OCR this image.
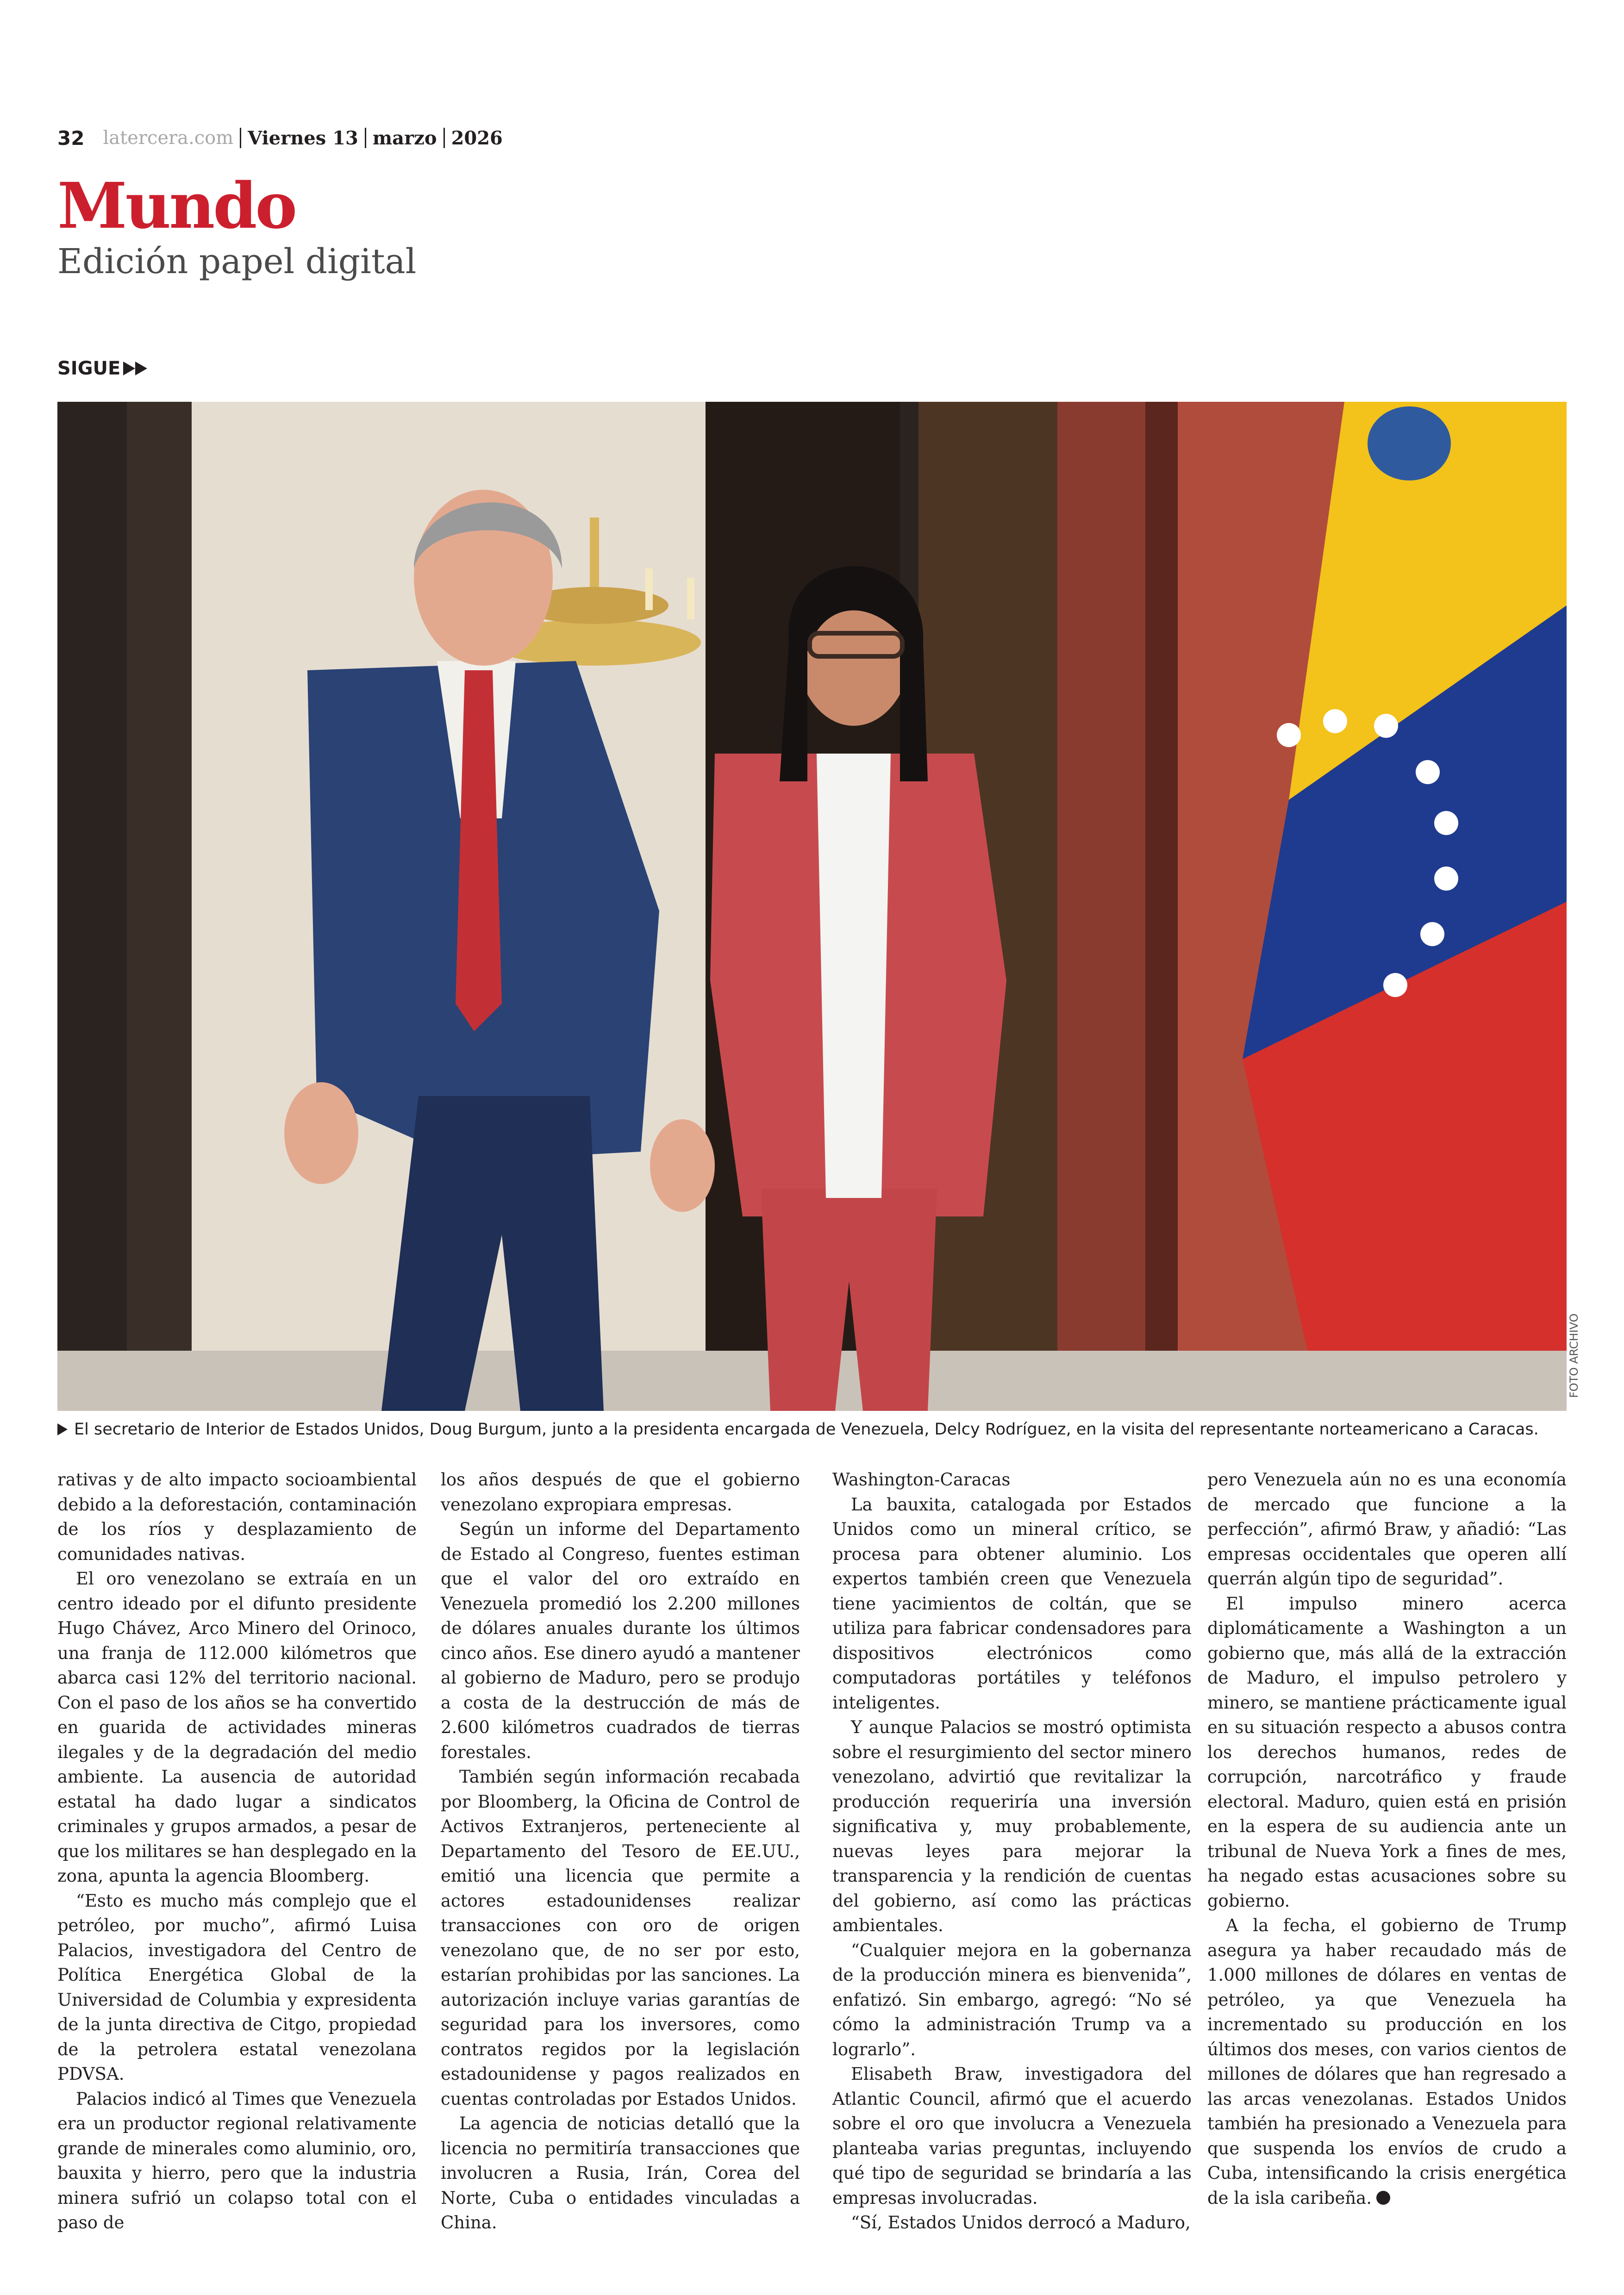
32 latercera.com Viernes 13 marzo 2026
Mundo
Edición papel digital
SIGUE
FOTO ARCHIVO
El secretario de Interior de Estados Unidos, Doug Burgum, junto a la presidenta encargada de Venezuela, Delcy Rodríguez, en la visita del representante norteamericano a Caracas.

rativas y de alto impacto socioambiental debido a la deforestación, contaminación de los ríos y desplazamiento de comunidades nativas.

El oro venezolano se extraía en un centro ideado por el difunto presidente Hugo Chávez, Arco Minero del Orinoco, una franja de 112.000 kilómetros que abarca casi 12% del territorio nacional. Con el paso de los años se ha convertido en guarida de actividades mineras ilegales y de la degradación del medio ambiente. La ausencia de autoridad estatal ha dado lugar a sindicatos criminales y grupos armados, a pesar de que los militares se han desplegado en la zona, apunta la agencia Bloomberg.

“Esto es mucho más complejo que el petróleo, por mucho”, afirmó Luisa Palacios, investigadora del Centro de Política Energética Global de la Universidad de Columbia y expresidenta de la junta directiva de Citgo, propiedad de la petrolera estatal venezolana PDVSA.

Palacios indicó al Times que Venezuela era un productor regional relativamente grande de minerales como aluminio, oro, bauxita y hierro, pero que la industria minera sufrió un colapso total con el paso de

los años después de que el gobierno venezolano expropiara empresas.

Según un informe del Departamento de Estado al Congreso, fuentes estiman que el valor del oro extraído en Venezuela promedió los 2.200 millones de dólares anuales durante los últimos cinco años. Ese dinero ayudó a mantener al gobierno de Maduro, pero se produjo a costa de la destrucción de más de 2.600 kilómetros cuadrados de tierras forestales.

También según información recabada por Bloomberg, la Oficina de Control de Activos Extranjeros, perteneciente al Departamento del Tesoro de EE.UU., emitió una licencia que permite a actores estadounidenses realizar transacciones con oro de origen venezolano que, de no ser por esto, estarían prohibidas por las sanciones. La autorización incluye varias garantías de seguridad para los inversores, como contratos regidos por la legislación estadounidense y pagos realizados en cuentas controladas por Estados Unidos.

La agencia de noticias detalló que la licencia no permitiría transacciones que involucren a Rusia, Irán, Corea del Norte, Cuba o entidades vinculadas a China.

Washington-Caracas

La bauxita, catalogada por Estados Unidos como un mineral crítico, se procesa para obtener aluminio. Los expertos también creen que Venezuela tiene yacimientos de coltán, que se utiliza para fabricar condensadores para dispositivos electrónicos como computadoras portátiles y teléfonos inteligentes.

Y aunque Palacios se mostró optimista sobre el resurgimiento del sector minero venezolano, advirtió que revitalizar la producción requeriría una inversión significativa y, muy probablemente, nuevas leyes para mejorar la transparencia y la rendición de cuentas del gobierno, así como las prácticas ambientales.

“Cualquier mejora en la gobernanza de la producción minera es bienvenida”, enfatizó. Sin embargo, agregó: “No sé cómo la administración Trump va a lograrlo”.

Elisabeth Braw, investigadora del Atlantic Council, afirmó que el acuerdo sobre el oro que involucra a Venezuela planteaba varias preguntas, incluyendo qué tipo de seguridad se brindaría a las empresas involucradas.

“Sí, Estados Unidos derrocó a Maduro,

pero Venezuela aún no es una economía de mercado que funcione a la perfección”, afirmó Braw, y añadió: “Las empresas occidentales que operen allí querrán algún tipo de seguridad”.

El impulso minero acerca diplomáticamente a Washington a un gobierno que, más allá de la extracción de Maduro, el impulso petrolero y minero, se mantiene prácticamente igual en su situación respecto a abusos contra los derechos humanos, redes de corrupción, narcotráfico y fraude electoral. Maduro, quien está en prisión en la espera de su audiencia ante un tribunal de Nueva York a fines de mes, ha negado estas acusaciones sobre su gobierno.

A la fecha, el gobierno de Trump asegura ya haber recaudado más de 1.000 millones de dólares en ventas de petróleo, ya que Venezuela ha incrementado su producción en los últimos dos meses, con varios cientos de millones de dólares que han regresado a las arcas venezolanas. Estados Unidos también ha presionado a Venezuela para que suspenda los envíos de crudo a Cuba, intensificando la crisis energética de la isla caribeña.
